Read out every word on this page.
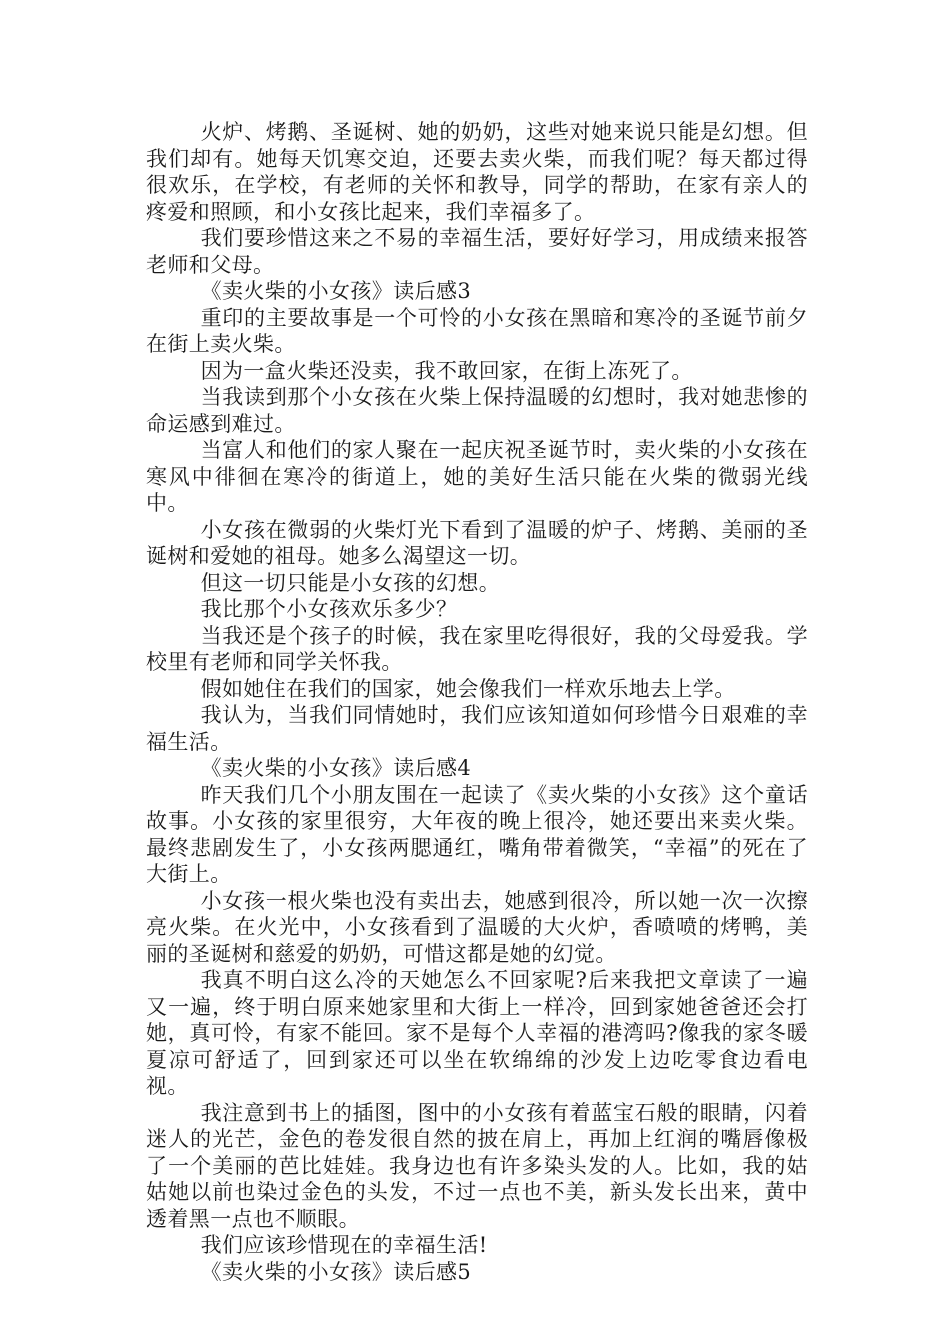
火炉、烤鹅、圣诞树、她的奶奶，这些对她来说只能是幻想。但我们却有。她每天饥寒交迫，还要去卖火柴，而我们呢？每天都过得很欢乐，在学校，有老师的关怀和教导，同学的帮助，在家有亲人的疼爱和照顾，和小女孩比起来，我们幸福多了。

我们要珍惜这来之不易的幸福生活，要好好学习，用成绩来报答老师和父母。

《卖火柴的小女孩》读后感3

重印的主要故事是一个可怜的小女孩在黑暗和寒冷的圣诞节前夕在街上卖火柴。

因为一盒火柴还没卖，我不敢回家，在街上冻死了。

当我读到那个小女孩在火柴上保持温暖的幻想时，我对她悲惨的命运感到难过。

当富人和他们的家人聚在一起庆祝圣诞节时，卖火柴的小女孩在寒风中徘徊在寒冷的街道上，她的美好生活只能在火柴的微弱光线中。

小女孩在微弱的火柴灯光下看到了温暖的炉子、烤鹅、美丽的圣诞树和爱她的祖母。她多么渴望这一切。

但这一切只能是小女孩的幻想。

我比那个小女孩欢乐多少？

当我还是个孩子的时候，我在家里吃得很好，我的父母爱我。学校里有老师和同学关怀我。

假如她住在我们的国家，她会像我们一样欢乐地去上学。

我认为，当我们同情她时，我们应该知道如何珍惜今日艰难的幸福生活。

《卖火柴的小女孩》读后感4

昨天我们几个小朋友围在一起读了《卖火柴的小女孩》这个童话故事。小女孩的家里很穷，大年夜的晚上很冷，她还要出来卖火柴。最终悲剧发生了，小女孩两腮通红，嘴角带着微笑，“幸福”的死在了大街上。

小女孩一根火柴也没有卖出去，她感到很冷，所以她一次一次擦亮火柴。在火光中，小女孩看到了温暖的大火炉，香喷喷的烤鸭，美丽的圣诞树和慈爱的奶奶，可惜这都是她的幻觉。

我真不明白这么冷的天她怎么不回家呢?后来我把文章读了一遍又一遍，终于明白原来她家里和大街上一样冷，回到家她爸爸还会打她，真可怜，有家不能回。家不是每个人幸福的港湾吗?像我的家冬暖夏凉可舒适了，回到家还可以坐在软绵绵的沙发上边吃零食边看电视。

我注意到书上的插图，图中的小女孩有着蓝宝石般的眼睛，闪着迷人的光芒，金色的卷发很自然的披在肩上，再加上红润的嘴唇像极了一个美丽的芭比娃娃。我身边也有许多染头发的人。比如，我的姑姑她以前也染过金色的头发，不过一点也不美，新头发长出来，黄中透着黑一点也不顺眼。

我们应该珍惜现在的幸福生活!

《卖火柴的小女孩》读后感5
